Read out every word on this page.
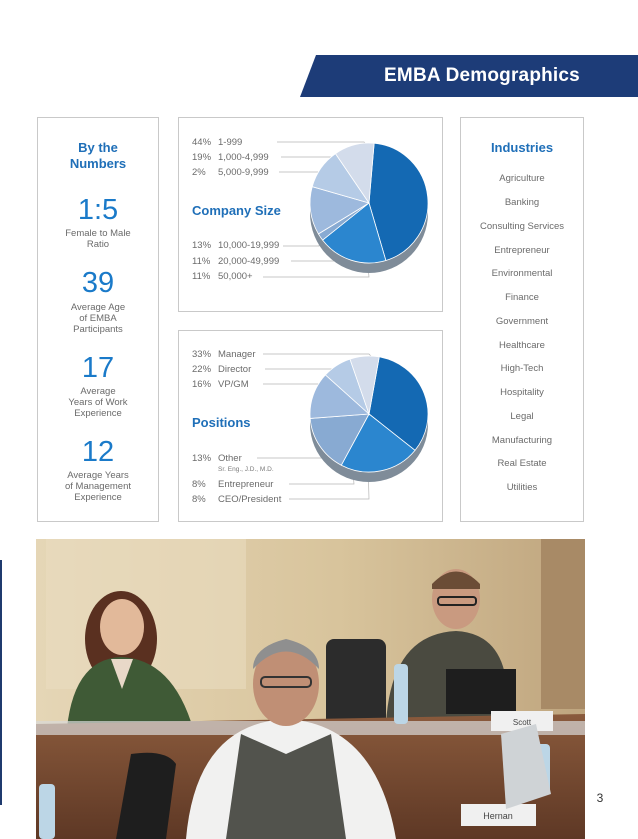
EMBA Demographics
By the
Numbers
1:5
Female to Male
Ratio
39
Average Age
of EMBA
Participants
17
Average
Years of Work
Experience
12
Average Years
of Management
Experience
44% 1-999
19% 1,000-4,999
2% 5,000-9,999
Company Size
13% 10,000-19,999
11% 20,000-49,999
11% 50,000+
33% Manager
22% Director
16% VP/GM
Positions
13% Other
Sr. Eng., J.D., M.D.
8% Entrepreneur
8% CEO/President
Industries
Agriculture
Banking
Consulting Services
Entrepreneur
Environmental
Finance
Government
Healthcare
High-Tech
Hospitality
Legal
Manufacturing
Real Estate
Utilities
Scott
Hernan
3
